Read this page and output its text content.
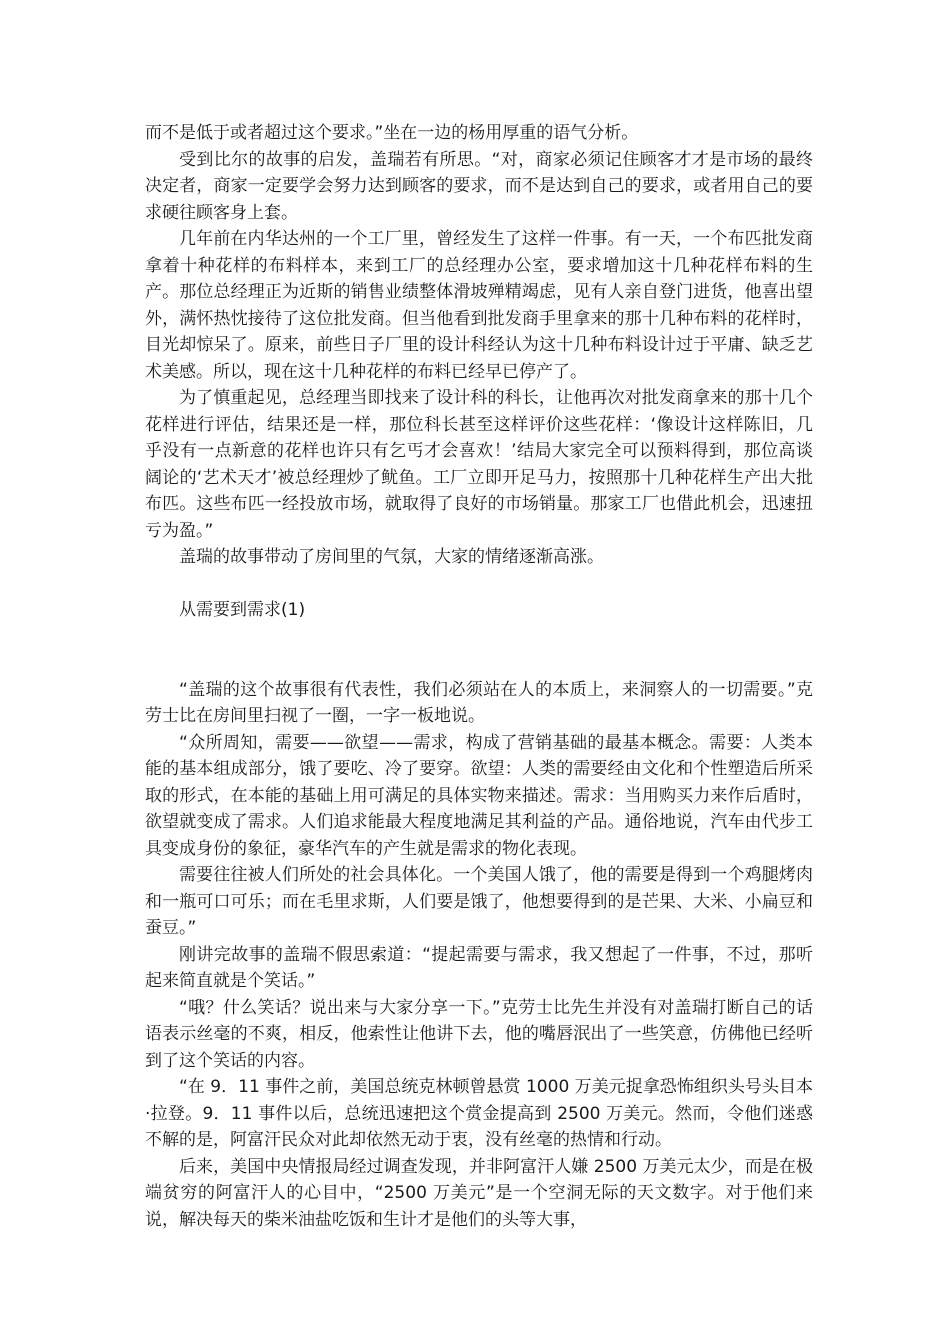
而不是低于或者超过这个要求。”坐在一边的杨用厚重的语气分析。

受到比尔的故事的启发，盖瑞若有所思。“对，商家必须记住顾客才才是市场的最终决定者，商家一定要学会努力达到顾客的要求，而不是达到自己的要求，或者用自己的要求硬往顾客身上套。

几年前在内华达州的一个工厂里，曾经发生了这样一件事。有一天，一个布匹批发商拿着十种花样的布料样本，来到工厂的总经理办公室，要求增加这十几种花样布料的生产。那位总经理正为近斯的销售业绩整体滑坡殚精竭虑，见有人亲自登门进货，他喜出望外，满怀热忱接待了这位批发商。但当他看到批发商手里拿来的那十几种布料的花样时，目光却惊呆了。原来，前些日子厂里的设计科经认为这十几种布料设计过于平庸、缺乏艺术美感。所以，现在这十几种花样的布料已经早已停产了。

为了慎重起见，总经理当即找来了设计科的科长，让他再次对批发商拿来的那十几个花样进行评估，结果还是一样，那位科长甚至这样评价这些花样：‘像设计这样陈旧，几乎没有一点新意的花样也许只有乞丐才会喜欢！’结局大家完全可以预料得到，那位高谈阔论的‘艺术天才’被总经理炒了鱿鱼。工厂立即开足马力，按照那十几种花样生产出大批布匹。这些布匹一经投放市场，就取得了良好的市场销量。那家工厂也借此机会，迅速扭亏为盈。”

盖瑞的故事带动了房间里的气氛，大家的情绪逐渐高涨。

从需要到需求(1)

“盖瑞的这个故事很有代表性，我们必须站在人的本质上，来洞察人的一切需要。”克劳士比在房间里扫视了一圈，一字一板地说。

“众所周知，需要——欲望——需求，构成了营销基础的最基本概念。需要：人类本能的基本组成部分，饿了要吃、冷了要穿。欲望：人类的需要经由文化和个性塑造后所采取的形式，在本能的基础上用可满足的具体实物来描述。需求：当用购买力来作后盾时，欲望就变成了需求。人们追求能最大程度地满足其利益的产品。通俗地说，汽车由代步工具变成身份的象征，豪华汽车的产生就是需求的物化表现。

需要往往被人们所处的社会具体化。一个美国人饿了，他的需要是得到一个鸡腿烤肉和一瓶可口可乐；而在毛里求斯，人们要是饿了，他想要得到的是芒果、大米、小扁豆和蚕豆。”

刚讲完故事的盖瑞不假思索道：“提起需要与需求，我又想起了一件事，不过，那听起来简直就是个笑话。”

“哦？什么笑话？说出来与大家分享一下。”克劳士比先生并没有对盖瑞打断自己的话语表示丝毫的不爽，相反，他索性让他讲下去，他的嘴唇泯出了一些笑意，仿佛他已经听到了这个笑话的内容。

“在 9．11 事件之前，美国总统克林顿曾悬赏 1000 万美元捉拿恐怖组织头号头目本·拉登。9．11 事件以后，总统迅速把这个赏金提高到 2500 万美元。然而，令他们迷惑不解的是，阿富汗民众对此却依然无动于衷，没有丝毫的热情和行动。

后来，美国中央情报局经过调查发现，并非阿富汗人嫌 2500 万美元太少，而是在极端贫穷的阿富汗人的心目中，“2500 万美元”是一个空洞无际的天文数字。对于他们来说，解决每天的柴米油盐吃饭和生计才是他们的头等大事，
